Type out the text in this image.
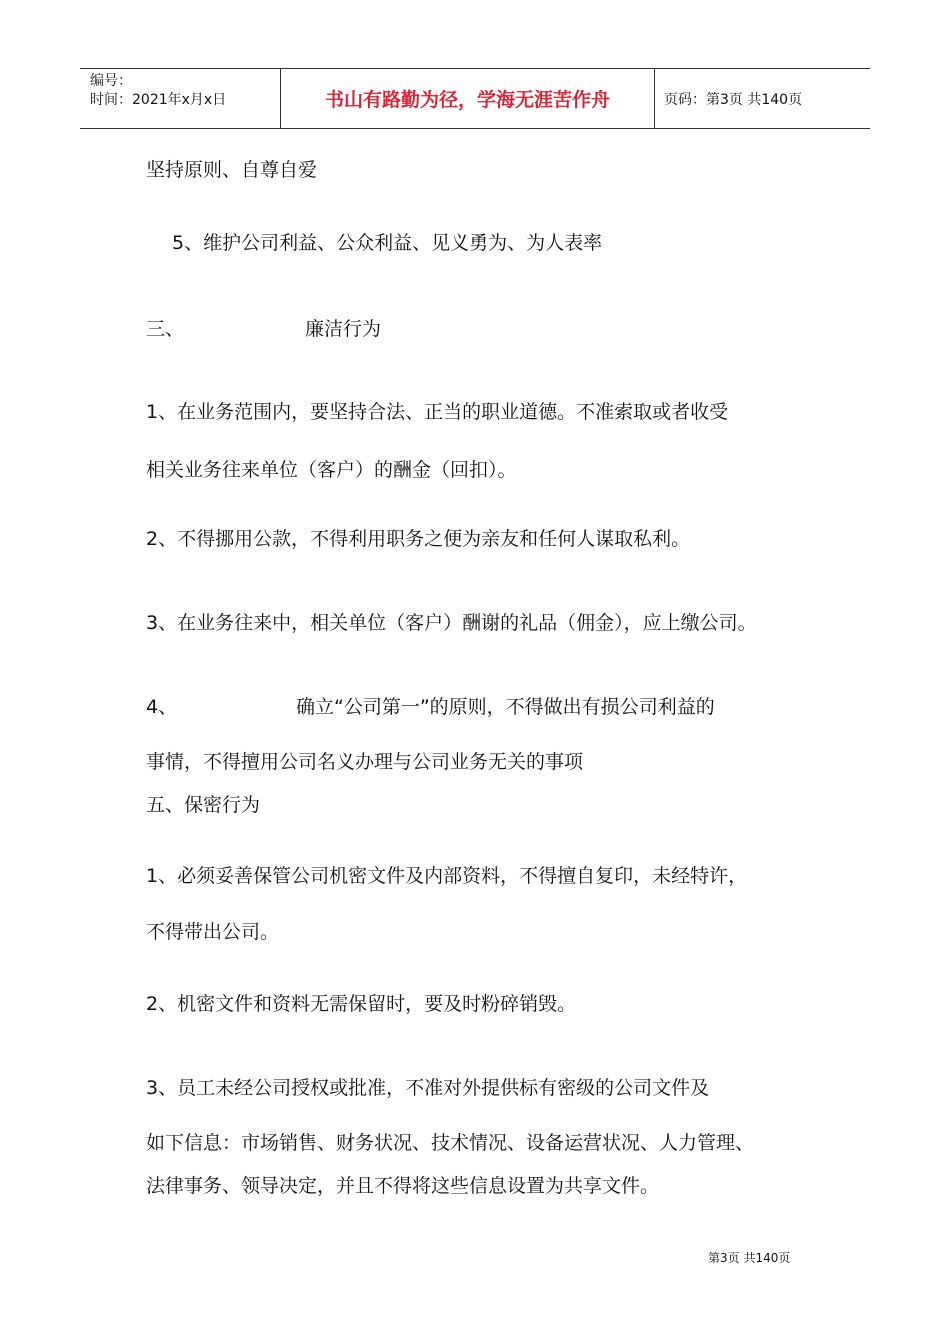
编号：
时间：2021年x月x日	书山有路勤为径，学海无涯苦作舟	页码：第3页 共140页
坚持原则、自尊自爱
5、维护公司利益、公众利益、见义勇为、为人表率
三、	廉洁行为
1、在业务范围内，要坚持合法、正当的职业道德。不准索取或者收受
相关业务往来单位（客户）的酬金（回扣）。
2、不得挪用公款，不得利用职务之便为亲友和任何人谋取私利。
3、在业务往来中，相关单位（客户）酬谢的礼品（佣金），应上缴公司。
4、	确立“公司第一”的原则，不得做出有损公司利益的
事情，不得擅用公司名义办理与公司业务无关的事项
五、保密行为
1、必须妥善保管公司机密文件及内部资料，不得擅自复印，未经特许，
不得带出公司。
2、机密文件和资料无需保留时，要及时粉碎销毁。
3、员工未经公司授权或批准，不准对外提供标有密级的公司文件及
如下信息：市场销售、财务状况、技术情况、设备运营状况、人力管理、
法律事务、领导决定，并且不得将这些信息设置为共享文件。
第3页 共140页
